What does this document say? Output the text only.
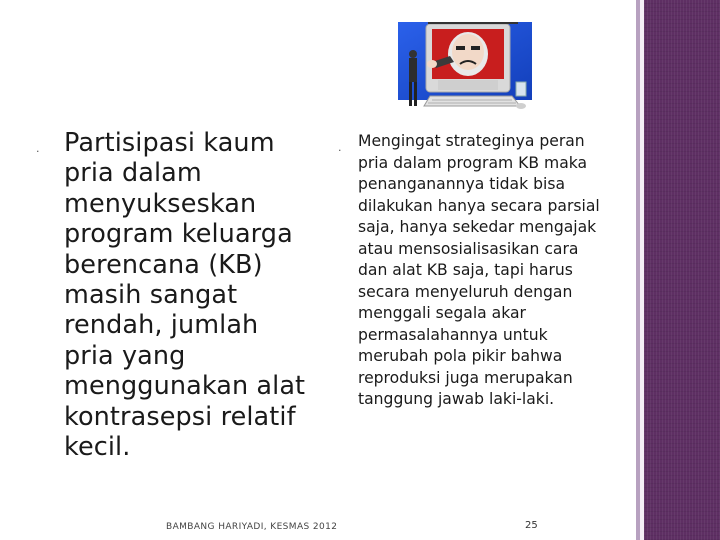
· Partisipasi kaum pria dalam menyukseskan program keluarga berencana (KB) masih sangat rendah, jumlah pria yang menggunakan alat kontrasepsi relatif kecil.
·
Mengingat strateginya peran pria dalam program KB maka penanganannya tidak bisa dilakukan hanya secara parsial saja, hanya sekedar mengajak atau mensosialisasikan cara dan alat KB saja, tapi harus secara menyeluruh dengan menggali segala akar permasalahannya untuk merubah pola pikir bahwa reproduksi juga merupakan tanggung jawab laki-laki.
BAMBANG HARIYADI, KESMAS 2012	25
